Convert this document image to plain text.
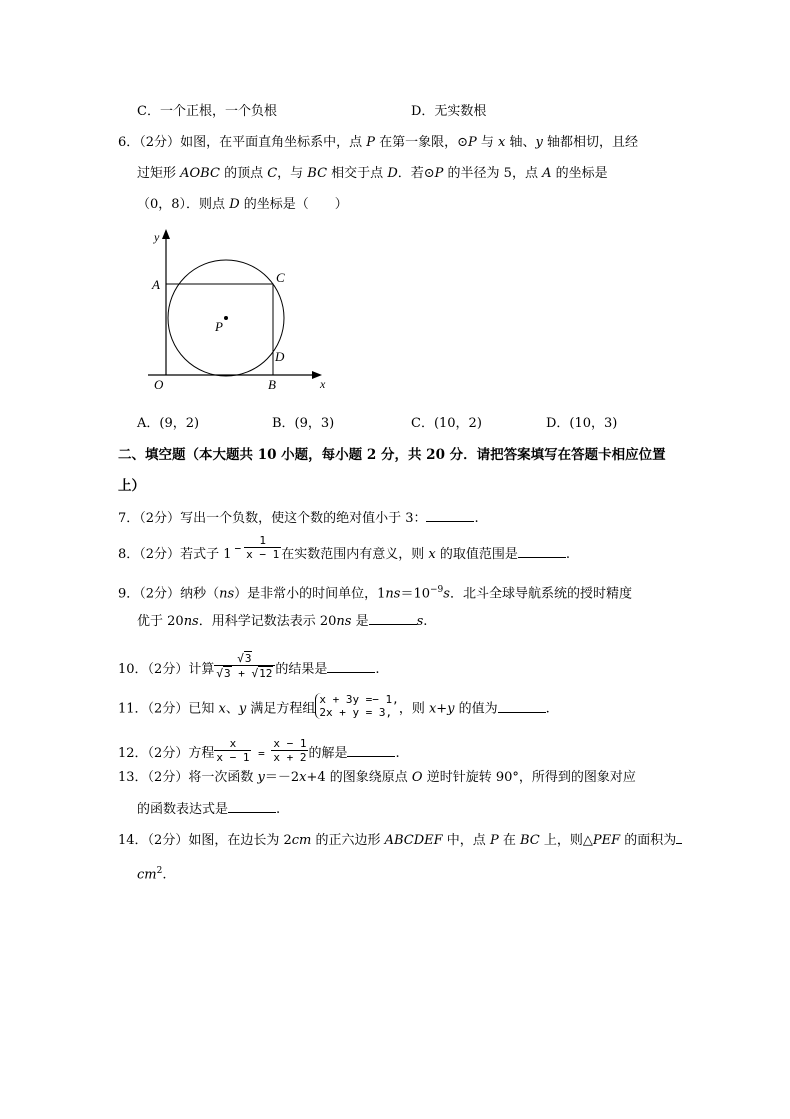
C．一个正根，一个负根	D．无实数根
6．（2分）如图，在平面直角坐标系中，点 P 在第一象限，⊙P 与 x 轴、y 轴都相切，且经
过矩形 AOBC 的顶点 C，与 BC 相交于点 D．若⊙P 的半径为 5，点 A 的坐标是
（0，8）．则点 D 的坐标是（　　）
y
x
A	C
P
D
O	B
A．(9，2)	B．(9，3)	C．(10，2)	D．(10，3)
二、填空题（本大题共 10 小题，每小题 2 分，共 20 分．请把答案填写在答题卡相应位置
上）
7．（2分）写出一个负数，使这个数的绝对值小于 3：	.
8．（2分）若式子 1 $^- \frac{1}{x - 1}$ 在实数范围内有意义，则 x 的取值范围是	.
9．（2分）纳秒（ns）是非常小的时间单位，$1ns=10^{-9}s$．北斗全球导航系统的授时精度
优于 20ns．用科学记数法表示 20ns 是	s.
10．（2分）计算 $\frac{√3}{√3 + √12}$ 的结果是	.
11．（2分）已知 x、y 满足方程组
x + 3y =− 1,
2x + y = 3, ，则 x+y 的值为	.
12．（2分）方程 $\frac{x}{x - 1} = \frac{x - 1}{x + 2}$ 的解是	.
13．（2分）将一次函数 y＝－2x+4 的图象绕原点 O 逆时针旋转 90°，所得到的图象对应
的函数表达式是	.
14．（2分）如图，在边长为 2cm 的正六边形 ABCDEF 中，点 P 在 BC 上，则△PEF 的面积为
$cm^2$.
